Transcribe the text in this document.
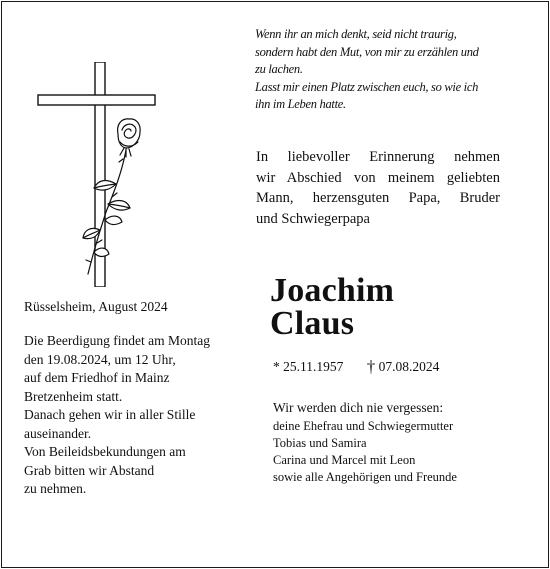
Wenn ihr an mich denkt, seid nicht traurig,
sondern habt den Mut, von mir zu erzählen und
zu lachen.
Lasst mir einen Platz zwischen euch, so wie ich
ihn im Leben hatte.
In liebevoller Erinnerung nehmen
wir Abschied von meinem geliebten
Mann, herzensguten Papa, Bruder
und Schwiegerpapa
Rüsselsheim, August 2024
Die Beerdigung findet am Montag
den 19.08.2024, um 12 Uhr,
auf dem Friedhof in Mainz
Bretzenheim statt.
Danach gehen wir in aller Stille
auseinander.
Von Beileidsbekundungen am
Grab bitten wir Abstand
zu nehmen.
Joachim
Claus
* 25.11.1957 † 07.08.2024
Wir werden dich nie vergessen:
deine Ehefrau und Schwiegermutter
Tobias und Samira
Carina und Marcel mit Leon
sowie alle Angehörigen und Freunde
